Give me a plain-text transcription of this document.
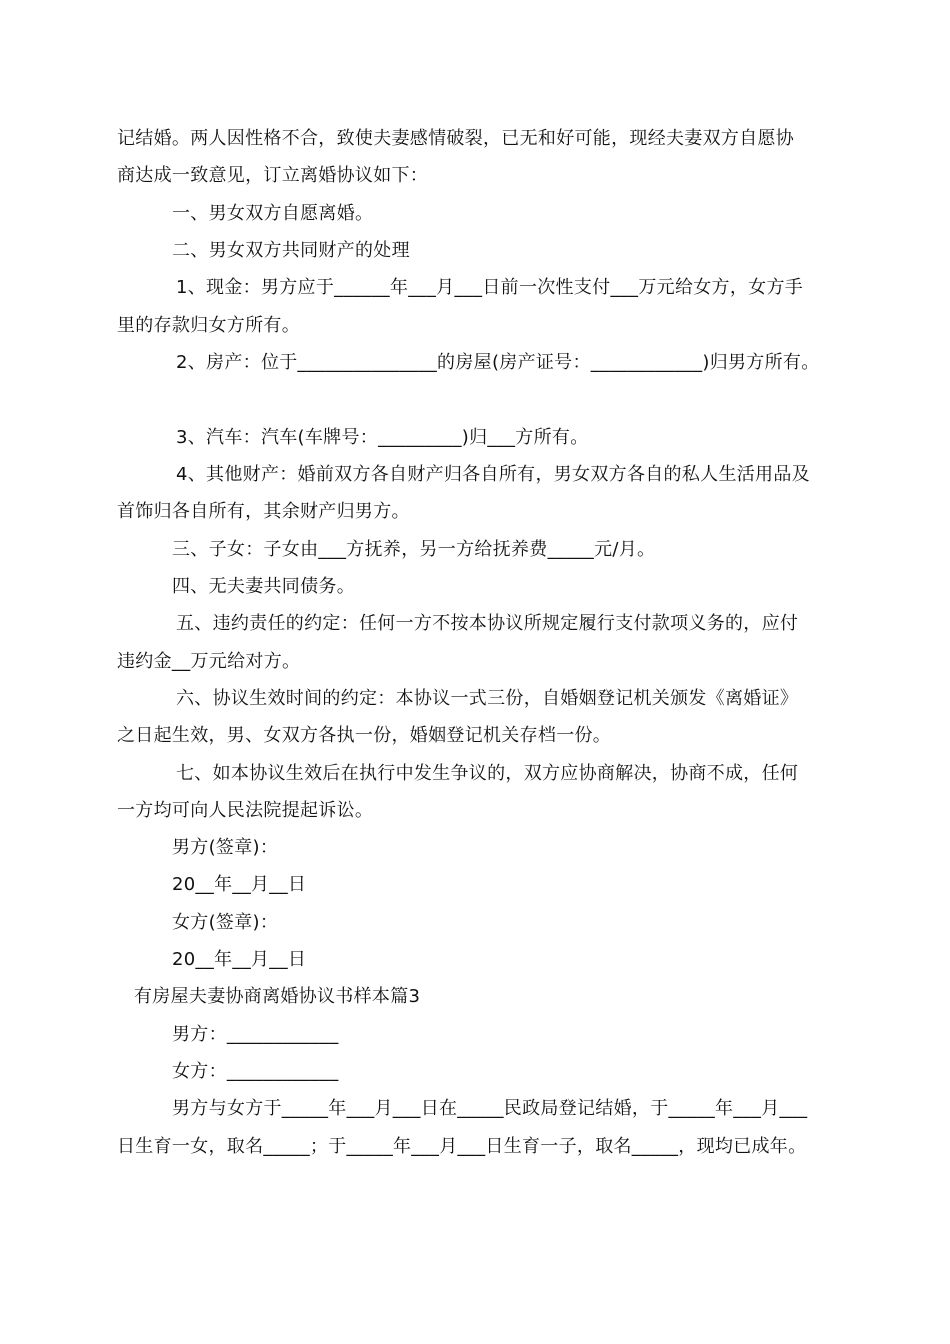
记结婚。两人因性格不合，致使夫妻感情破裂，已无和好可能，现经夫妻双方自愿协
商达成一致意见，订立离婚协议如下：
一、男女双方自愿离婚。
二、男女双方共同财产的处理
1、现金：男方应于______年___月___日前一次性支付___万元给女方，女方手
里的存款归女方所有。
2、房产：位于_______________的房屋(房产证号：____________)归男方所有。
3、汽车：汽车(车牌号：_________)归___方所有。
4、其他财产：婚前双方各自财产归各自所有，男女双方各自的私人生活用品及
首饰归各自所有，其余财产归男方。
三、子女：子女由___方抚养，另一方给抚养费_____元/月。
四、无夫妻共同债务。
五、违约责任的约定：任何一方不按本协议所规定履行支付款项义务的，应付
违约金__万元给对方。
六、协议生效时间的约定：本协议一式三份，自婚姻登记机关颁发《离婚证》
之日起生效，男、女双方各执一份，婚姻登记机关存档一份。
七、如本协议生效后在执行中发生争议的，双方应协商解决，协商不成，任何
一方均可向人民法院提起诉讼。
男方(签章)：
20__年__月__日
女方(签章)：
20__年__月__日
有房屋夫妻协商离婚协议书样本篇3
男方：____________
女方：____________
男方与女方于_____年___月___日在_____民政局登记结婚，于_____年___月___
日生育一女，取名_____；于_____年___月___日生育一子，取名_____，现均已成年。
